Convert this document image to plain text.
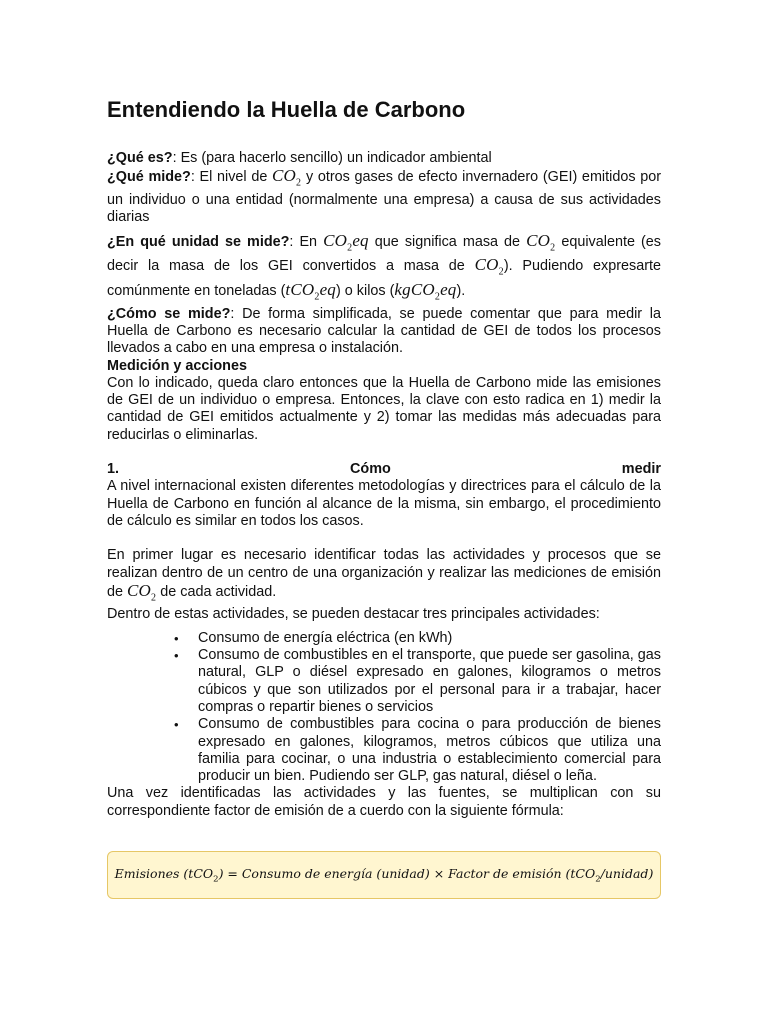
Entendiendo la Huella de Carbono

¿Qué es?: Es (para hacerlo sencillo) un indicador ambiental

¿Qué mide?: El nivel de $CO_2$ y otros gases de efecto invernadero (GEI) emitidos por un individuo o una entidad (normalmente una empresa) a causa de sus actividades diarias

¿En qué unidad se mide?: En $CO_2eq$ que significa masa de $CO_2$ equivalente (es decir la masa de los GEI convertidos a masa de $CO_2$). Pudiendo expresarte comúnmente en toneladas (tCO$_2$eq) o kilos (kgCO$_2$eq).

¿Cómo se mide?: De forma simplificada, se puede comentar que para medir la Huella de Carbono es necesario calcular la cantidad de GEI de todos los procesos llevados a cabo en una empresa o instalación.

Medición y acciones

Con lo indicado, queda claro entonces que la Huella de Carbono mide las emisiones de GEI de un individuo o empresa. Entonces, la clave con esto radica en 1) medir la cantidad de GEI emitidos actualmente y 2) tomar las medidas más adecuadas para reducirlas o eliminarlas.

1.	Cómo	medir

A nivel internacional existen diferentes metodologías y directrices para el cálculo de la Huella de Carbono en función al alcance de la misma, sin embargo, el procedimiento de cálculo es similar en todos los casos.

En primer lugar es necesario identificar todas las actividades y procesos que se realizan dentro de un centro de una organización y realizar las mediciones de emisión de $CO_2$ de cada actividad.

Dentro de estas actividades, se pueden destacar tres principales actividades:

• Consumo de energía eléctrica (en kWh)
• Consumo de combustibles en el transporte, que puede ser gasolina, gas natural, GLP o diésel expresado en galones, kilogramos o metros cúbicos y que son utilizados por el personal para ir a trabajar, hacer compras o repartir bienes o servicios
• Consumo de combustibles para cocina o para producción de bienes expresado en galones, kilogramos, metros cúbicos que utiliza una familia para cocinar, o una industria o establecimiento comercial para producir un bien. Pudiendo ser GLP, gas natural, diésel o leña.

Una vez identificadas las actividades y las fuentes, se multiplican con su correspondiente factor de emisión de a cuerdo con la siguiente fórmula:

Emisiones (tCO$_2$) = Consumo de energía (unidad) × Factor de emisión (tCO$_2$/unidad)
